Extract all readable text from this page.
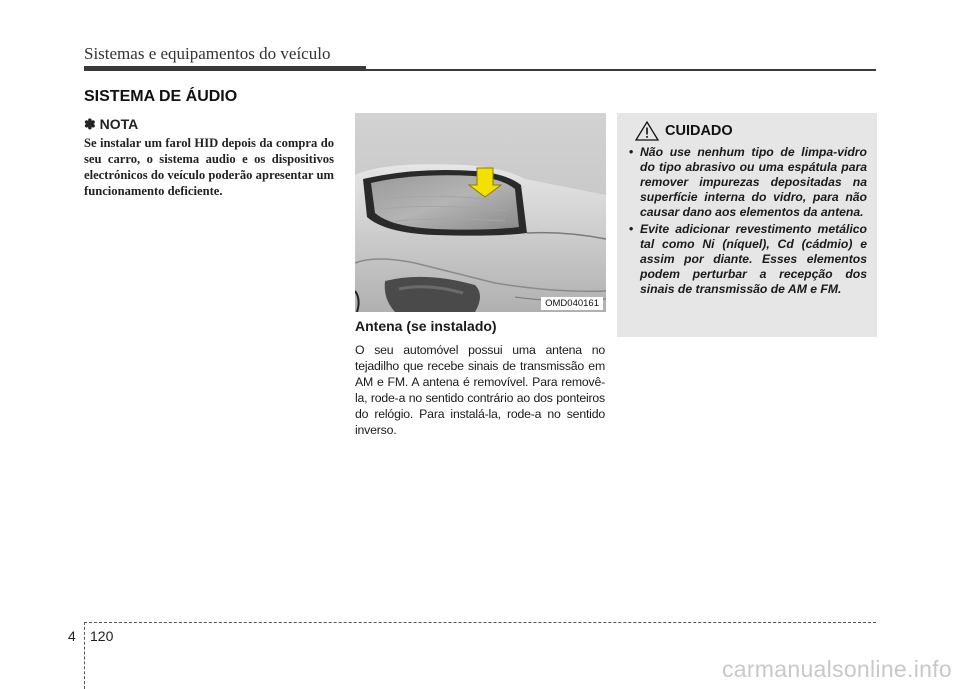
Sistemas e equipamentos do veículo
SISTEMA DE ÁUDIO
✽ NOTA
Se instalar um farol HID depois da compra do seu carro, o sistema audio e os dispositivos electrónicos do veículo poderão apresentar um funcionamento deficiente.
OMD040161
Antena (se instalado)
O seu automóvel possui uma antena no tejadilho que recebe sinais de transmissão em AM e FM. A antena é removível. Para removê-la, rode-a no sentido contrário ao dos ponteiros do relógio. Para instalá-la, rode-a no sentido inverso.
CUIDADO
• Não use nenhum tipo de limpa-vidro do tipo abrasivo ou uma espátula para remover impurezas depositadas na superfície interna do vidro, para não causar dano aos elementos da antena.
• Evite adicionar revestimento metálico tal como Ni (níquel), Cd (cádmio) e assim por diante. Esses elementos podem perturbar a recepção dos sinais de transmissão de AM e FM.
4 120
carmanualsonline.info
